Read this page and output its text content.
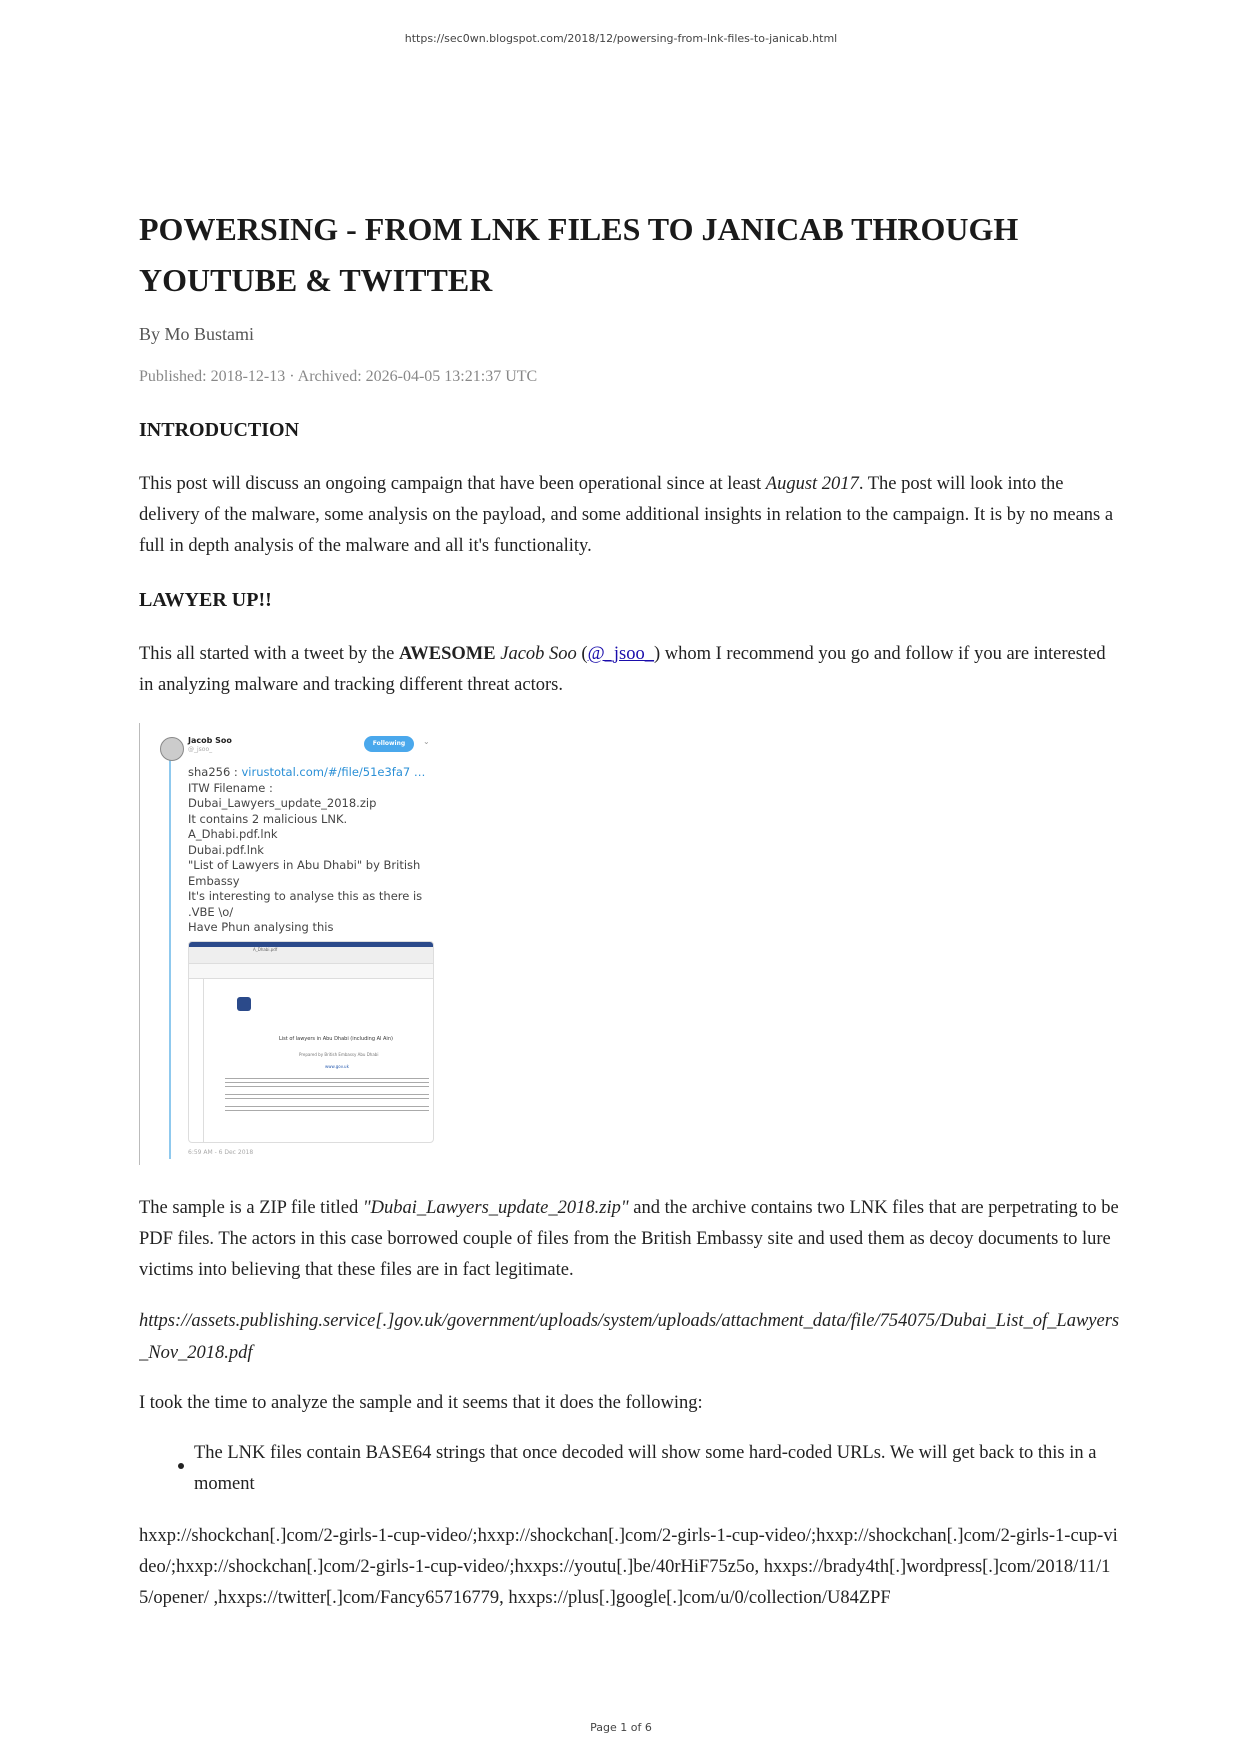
https://sec0wn.blogspot.com/2018/12/powersing-from-lnk-files-to-janicab.html
POWERSING - FROM LNK FILES TO JANICAB THROUGH
YOUTUBE & TWITTER
By Mo Bustami
Published: 2018-12-13 · Archived: 2026-04-05 13:21:37 UTC
INTRODUCTION
This post will discuss an ongoing campaign that have been operational since at least August 2017. The post will look into the delivery of the malware, some analysis on the payload, and some additional insights in relation to the campaign. It is by no means a full in depth analysis of the malware and all it's functionality.
LAWYER UP!!
This all started with a tweet by the AWESOME Jacob Soo (@_jsoo_) whom I recommend you go and follow if you are interested in analyzing malware and tracking different threat actors.
Jacob Soo
@_jsoo_
Following	⌄
sha256 : virustotal.com/#/file/51e3fa7 …
ITW Filename :
Dubai_Lawyers_update_2018.zip
It contains 2 malicious LNK.
A_Dhabi.pdf.lnk
Dubai.pdf.lnk
"List of Lawyers in Abu Dhabi" by British Embassy
It's interesting to analyse this as there is .VBE \o/
Have Phun analysing this
A_Dhabi.pdf
List of lawyers in Abu Dhabi (including Al Ain)
Prepared by British Embassy Abu Dhabi
www.gov.uk
6:59 AM - 6 Dec 2018
The sample is a ZIP file titled "Dubai_Lawyers_update_2018.zip" and the archive contains two LNK files that are perpetrating to be PDF files. The actors in this case borrowed couple of files from the British Embassy site and used them as decoy documents to lure victims into believing that these files are in fact legitimate.
https://assets.publishing.service[.]gov.uk/government/uploads/system/uploads/attachment_data/file/754075/Dubai_List_of_Lawyers
_Nov_2018.pdf
I took the time to analyze the sample and it seems that it does the following:
The LNK files contain BASE64 strings that once decoded will show some hard-coded URLs. We will get back to this in a moment
hxxp://shockchan[.]com/2-girls-1-cup-video/;hxxp://shockchan[.]com/2-girls-1-cup-video/;hxxp://shockchan[.]com/2-girls-1-cup-video/;hxxp://shockchan[.]com/2-girls-1-cup-video/;hxxps://youtu[.]be/40rHiF75z5o, hxxps://brady4th[.]wordpress[.]com/2018/11/15/opener/ ,hxxps://twitter[.]com/Fancy65716779, hxxps://plus[.]google[.]com/u/0/collection/U84ZPF
Page 1 of 6
